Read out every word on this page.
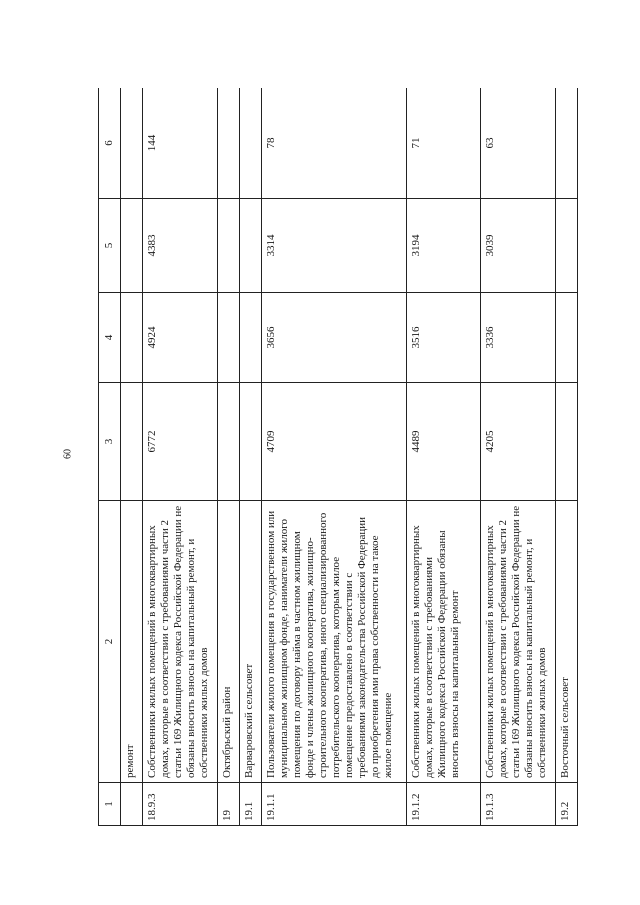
60
1	2	3	4	5	6
	ремонт				
18.9.3	Собственники жилых помещений в многоквартирных домах, которые в соответствии с требованиями части 2 статьи 169 Жилищного кодекса Российской Федерации не обязаны вносить взносы на капитальный ремонт, и собственники жилых домов	6772	4924	4383	144
19	Октябрьский район				
19.1	Варваровский сельсовет				
19.1.1	Пользователи жилого помещения в государственном или муниципальном жилищном фонде, наниматели жилого помещения по договору найма в частном жилищном фонде и члены жилищного кооператива, жилищно-строительного кооператива, иного специализированного потребительского кооператива, которым жилое помещение предоставлено в соответствии с требованиями законодательства Российской Федерации до приобретения ими права собственности на такое жилое помещение	4709	3656	3314	78
19.1.2	Собственники жилых помещений в многоквартирных домах, которые в соответствии с требованиями Жилищного кодекса Российской Федерации обязаны вносить взносы на капитальный ремонт	4489	3516	3194	71
19.1.3	Собственники жилых помещений в многоквартирных домах, которые в соответствии с требованиями части 2 статьи 169 Жилищного кодекса Российской Федерации не обязаны вносить взносы на капитальный ремонт, и собственники жилых домов	4205	3336	3039	63
19.2	Восточный сельсовет				
